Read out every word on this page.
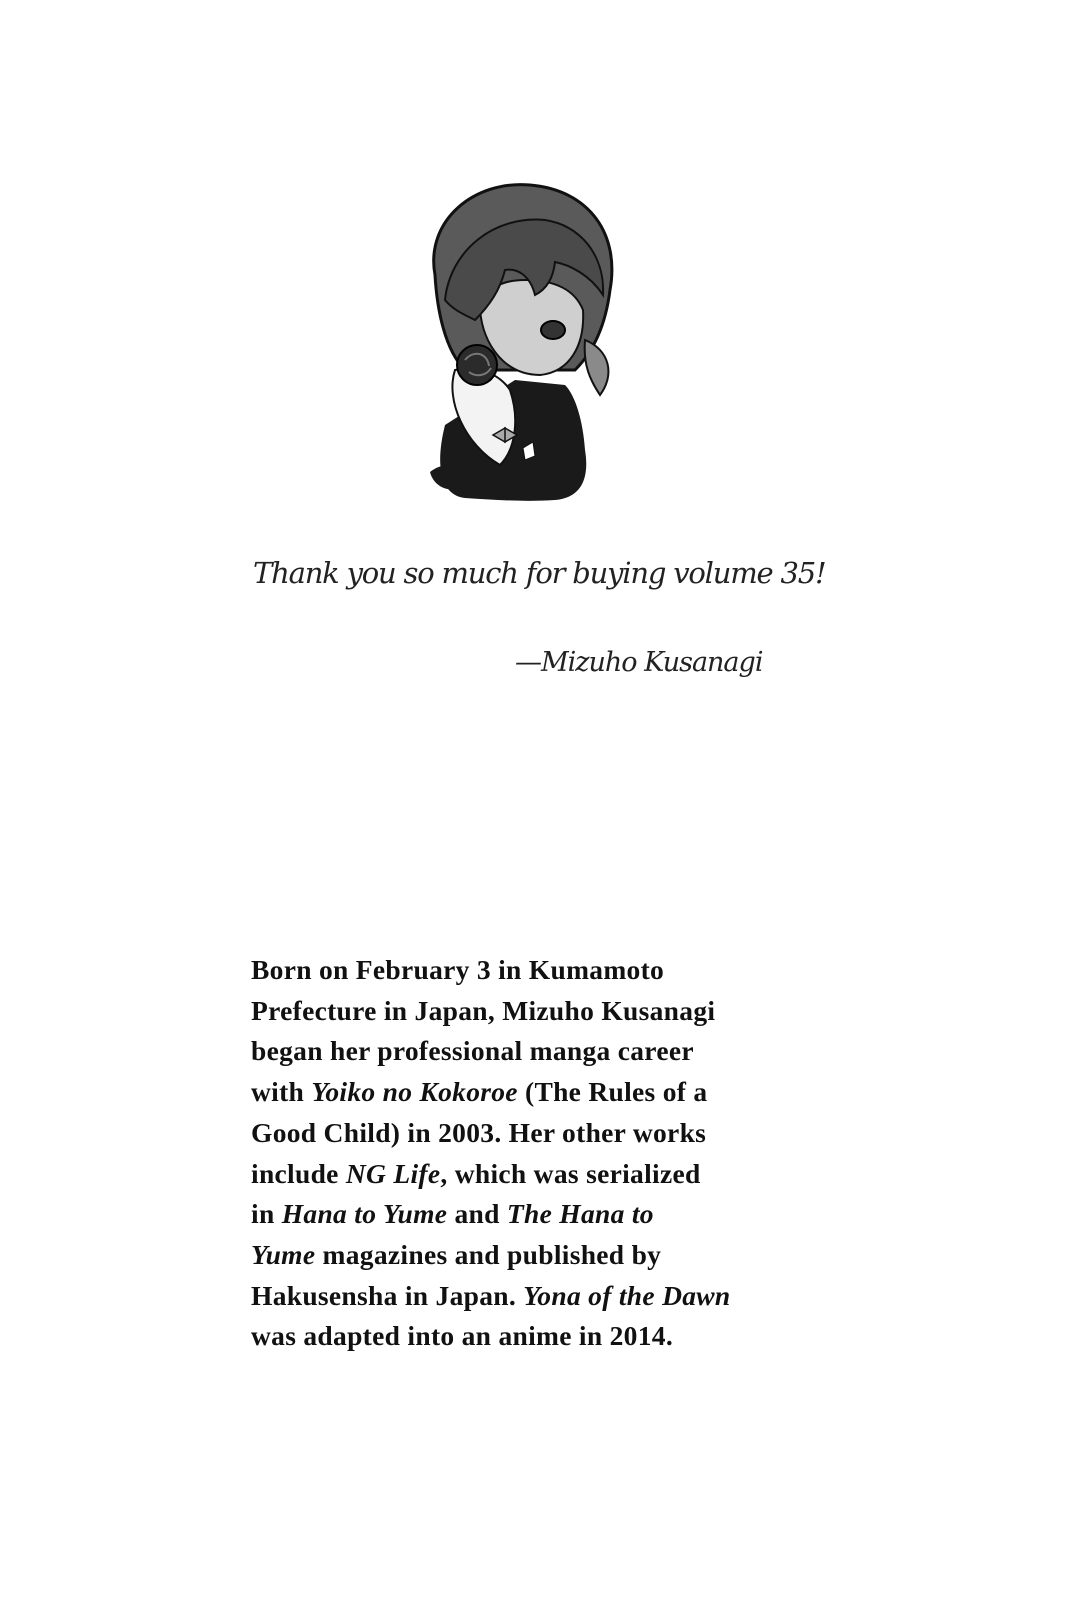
Thank you so much for buying volume 35!
—Mizuho Kusanagi
Born on February 3 in Kumamoto
Prefecture in Japan, Mizuho Kusanagi
began her professional manga career
with Yoiko no Kokoroe (The Rules of a
Good Child) in 2003. Her other works
include NG Life, which was serialized
in Hana to Yume and The Hana to
Yume magazines and published by
Hakusensha in Japan. Yona of the Dawn
was adapted into an anime in 2014.
